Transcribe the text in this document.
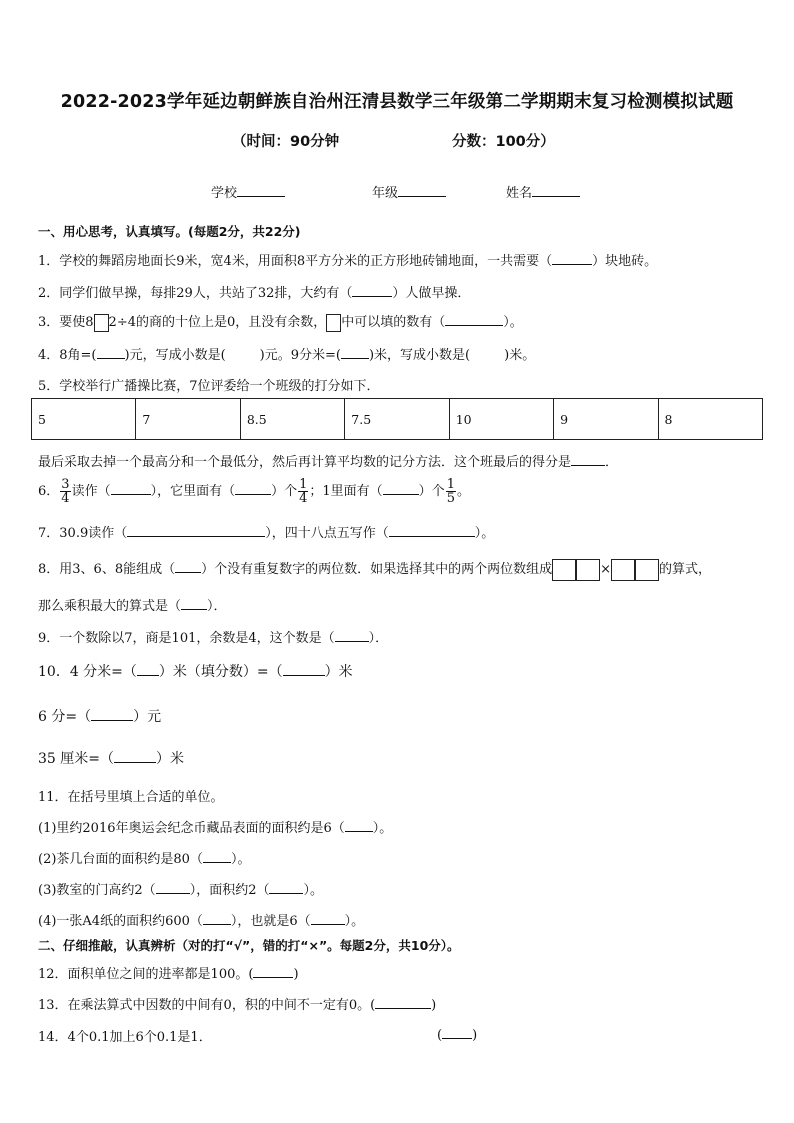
2022-2023学年延边朝鲜族自治州汪清县数学三年级第二学期期末复习检测模拟试题
（时间：90分钟	分数：100分）
学校	年级	姓名
一、用心思考，认真填写。(每题2分，共22分)
1．学校的舞蹈房地面长9米，宽4米，用面积8平方分米的正方形地砖铺地面，一共需要（	）块地砖。
2．同学们做早操，每排29人，共站了32排，大约有（	）人做早操．
3．要使8 2÷4的商的十位上是0，且没有余数， 中可以填的数有（	）。
4．8角=( )元，写成小数是(	)元。9分米=( )米，写成小数是(	)米。
5．学校举行广播操比赛，7位评委给一个班级的打分如下．
5	7	8.5	7.5	10	9	8
最后采取去掉一个最高分和一个最低分，然后再计算平均数的记分方法．这个班最后的得分是	．
6． $\frac{3}{4}$ 读作（	），它里面有（	）个 $\frac{1}{4}$ ；1里面有（	）个 $\frac{1}{5}$ 。
7．30.9读作（	），四十八点五写作（	）。
8．用3、6、8能组成（ ）个没有重复数字的两位数．如果选择其中的两个两位数组成	×	的算式，
那么乘积最大的算式是（ ）．
9．一个数除以7，商是101，余数是4，这个数是（	）．
10．4 分米=（ ）米（填分数）=（	）米
6 分=（	）元
35 厘米=（	）米
11．在括号里填上合适的单位。
(1)里约2016年奥运会纪念币藏品表面的面积约是6（ ）。
(2)茶几台面的面积约是80（ ）。
(3)教室的门高约2（	），面积约2（	）。
(4)一张A4纸的面积约600（ ），也就是6（	）。
二、仔细推敲，认真辨析（对的打“√”，错的打“×”。每题2分，共10分）。
12．面积单位之间的进率都是100。(	)
13．在乘法算式中因数的中间有0，积的中间不一定有0。(	)
14．4个0.1加上6个0.1是1．	( )
